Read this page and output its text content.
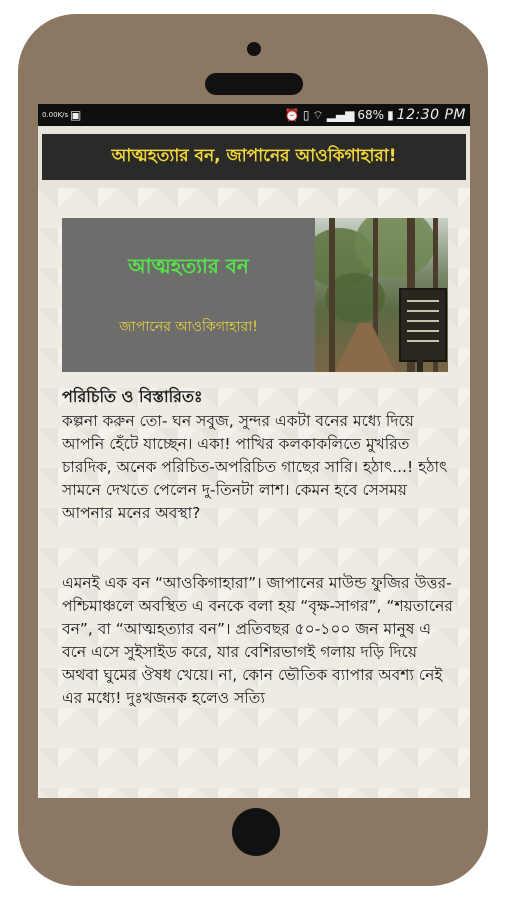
0.00K/s ▣	⏰ ▯ ⌔ ▂▄▆ 68% ▮ 12:30 PM
আত্মহত্যার বন, জাপানের আওকিগাহারা!
আত্মহত্যার বন
জাপানের আওকিগাহারা!
পরিচিতি ও বিস্তারিতঃ
কল্পনা করুন তো- ঘন সবুজ, সুন্দর একটা বনের মধ্যে দিয়ে আপনি হেঁটে যাচ্ছেন। একা! পাখির কলকাকলিতে মুখরিত চারদিক, অনেক পরিচিত-অপরিচিত গাছের সারি। হঠাৎ...! হঠাৎ সামনে দেখতে পেলেন দু-তিনটা লাশ। কেমন হবে সেসময় আপনার মনের অবস্থা?
এমনই এক বন “আওকিগাহারা”। জাপানের মাউন্ড ফুজির উত্তর-পশ্চিমাঞ্চলে অবস্থিত এ বনকে বলা হয় “বৃক্ষ-সাগর”, “শয়তানের বন”, বা “আত্মহত্যার বন”। প্রতিবছর ৫০-১০০ জন মানুষ এ বনে এসে সুইসাইড করে, যার বেশিরভাগই গলায় দড়ি দিয়ে অথবা ঘুমের ঔষধ খেয়ে। না, কোন ভৌতিক ব্যাপার অবশ্য নেই এর মধ্যে! দুঃখজনক হলেও সত্যি
